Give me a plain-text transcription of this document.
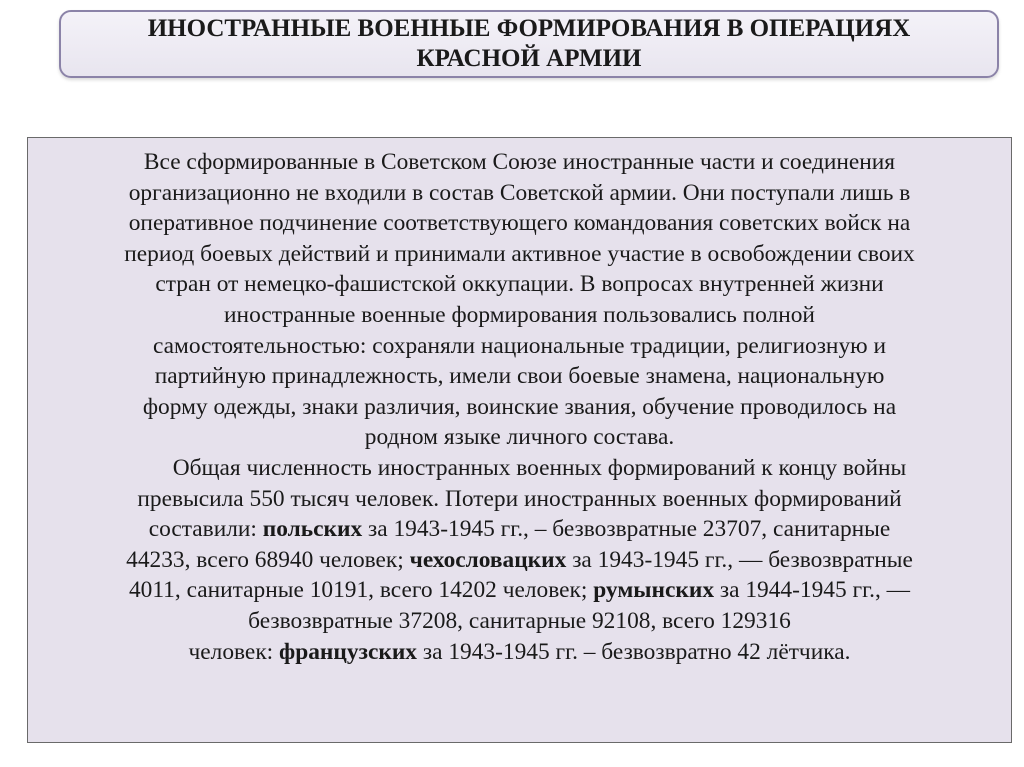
ИНОСТРАННЫЕ ВОЕННЫЕ ФОРМИРОВАНИЯ В ОПЕРАЦИЯХ
КРАСНОЙ АРМИИ
Все сформированные в Советском Союзе иностранные части и соединения
организационно не входили в состав Советской армии. Они поступали лишь в
оперативное подчинение соответствующего командования советских войск на
период боевых действий и принимали активное участие в освобождении своих
стран от немецко-фашистской оккупации. В вопросах внутренней жизни
иностранные военные формирования пользовались полной
самостоятельностью: сохраняли национальные традиции, религиозную и
партийную принадлежность, имели свои боевые знамена, национальную
форму одежды, знаки различия, воинские звания, обучение проводилось на
родном языке личного состава.
Общая численность иностранных военных формирований к концу войны
превысила 550 тысяч человек. Потери иностранных военных формирований
составили: польских за 1943-1945 гг., – безвозвратные 23707, санитарные
44233, всего 68940 человек; чехословацких за 1943-1945 гг., — безвозвратные
4011, санитарные 10191, всего 14202 человек; румынских за 1944-1945 гг., —
безвозвратные 37208, санитарные 92108, всего 129316
человек: французских за 1943-1945 гг. – безвозвратно 42 лётчика.
